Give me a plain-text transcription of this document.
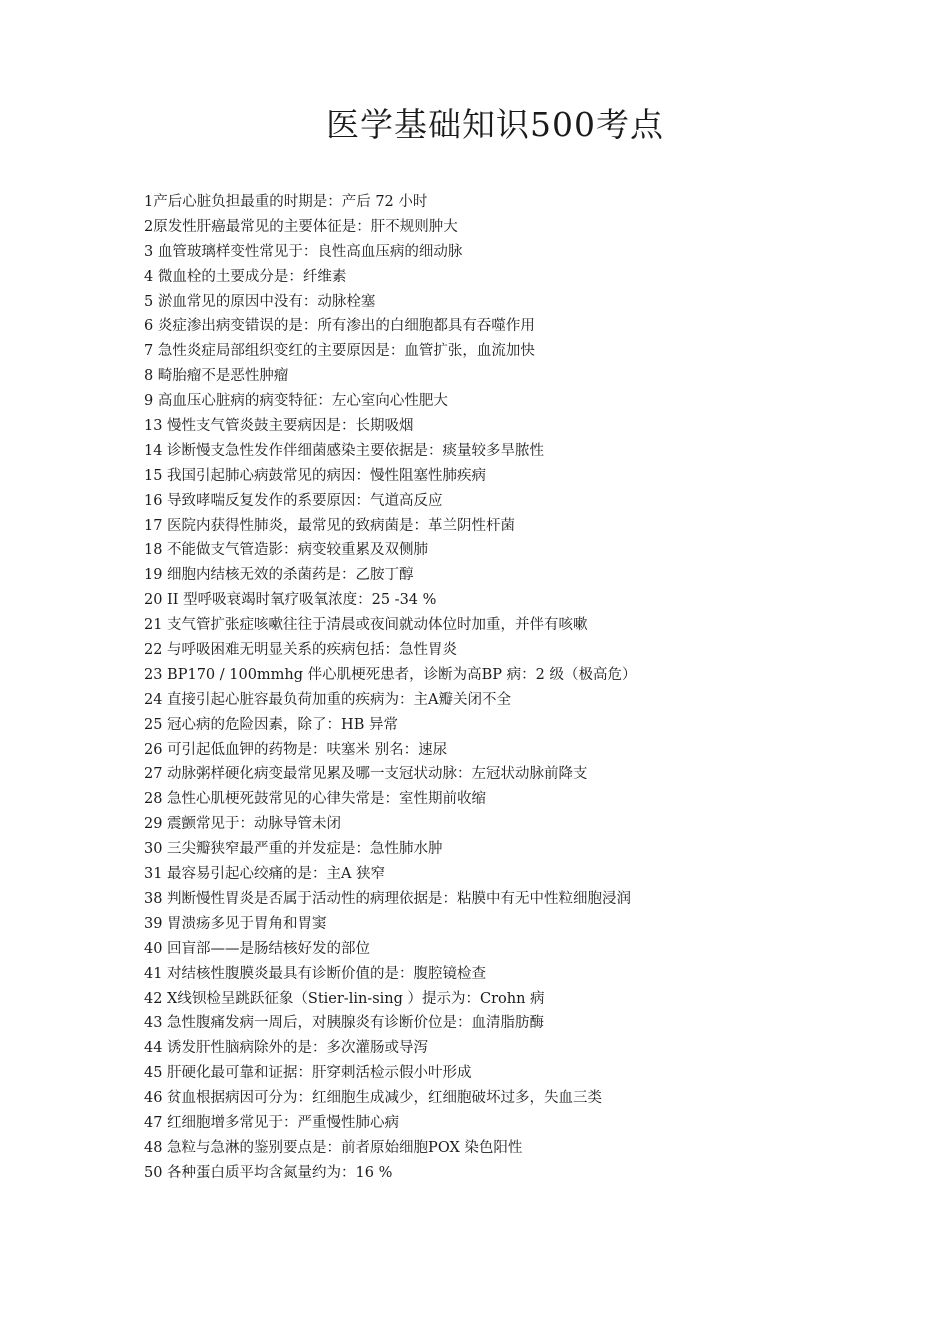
医学基础知识500考点
1产后心脏负担最重的时期是：产后 72 小时
2原发性肝癌最常见的主要体征是：肝不规则肿大
3 血管玻璃样变性常见于：良性高血压病的细动脉
4 微血栓的土要成分是：纤维素
5 淤血常见的原因中没有：动脉栓塞
6 炎症渗出病变错误的是：所有渗出的白细胞都具有吞噬作用
7 急性炎症局部组织变红的主要原因是：血管扩张，血流加快
8 畸胎瘤不是恶性肿瘤
9 高血压心脏病的病变特征：左心室向心性肥大
13 慢性支气管炎鼓主要病因是：长期吸烟
14 诊断慢支急性发作伴细菌感染主要依据是：痰量较多旱脓性
15 我国引起肺心病鼓常见的病因：慢性阻塞性肺疾病
16 导致哮喘反复发作的系要原因：气道高反应
17 医院内获得性肺炎，最常见的致病菌是：革兰阴性杆菌
18 不能做支气管造影：病变较重累及双侧肺
19 细胞内结核无效的杀菌药是：乙胺丁醇
20 II 型呼吸衰竭时氧疗吸氧浓度：25 -34 %
21 支气管扩张症咳嗽往往于清晨或夜间就动体位时加重，并伴有咳嗽
22 与呼吸困难无明显关系的疾病包括：急性胃炎
23 BP170 / 100mmhg 伴心肌梗死患者，诊断为高BP 病：2 级（极高危）
24 直接引起心脏容最负荷加重的疾病为：主A瓣关闭不全
25 冠心病的危险因素，除了：HB 异常
26 可引起低血钾的药物是：呋塞米 别名：速尿
27 动脉粥样硬化病变最常见累及哪一支冠状动脉：左冠状动脉前降支
28 急性心肌梗死鼓常见的心律失常是：室性期前收缩
29 震颤常见于：动脉导管未闭
30 三尖瓣狭窄最严重的并发症是：急性肺水肿
31 最容易引起心绞痛的是：主A 狭窄
38 判断慢性胃炎是否属于活动性的病理依据是：粘膜中有无中性粒细胞浸润
39 胃溃疡多见于胃角和胃窦
40 回盲部——是肠结核好发的部位
41 对结核性腹膜炎最具有诊断价值的是：腹腔镜检查
42 X线钡检呈跳跃征象（Stier-lin-sing ）提示为：Crohn 病
43 急性腹痛发病一周后，对胰腺炎有诊断价位是：血清脂肪酶
44 诱发肝性脑病除外的是：多次灌肠或导泻
45 肝硬化最可靠和证据：肝穿刺活检示假小叶形成
46 贫血根据病因可分为：红细胞生成减少，红细胞破坏过多，失血三类
47 红细胞增多常见于：严重慢性肺心病
48 急粒与急淋的鉴别要点是：前者原始细胞POX 染色阳性
50 各种蛋白质平均含氮量约为：16 %
